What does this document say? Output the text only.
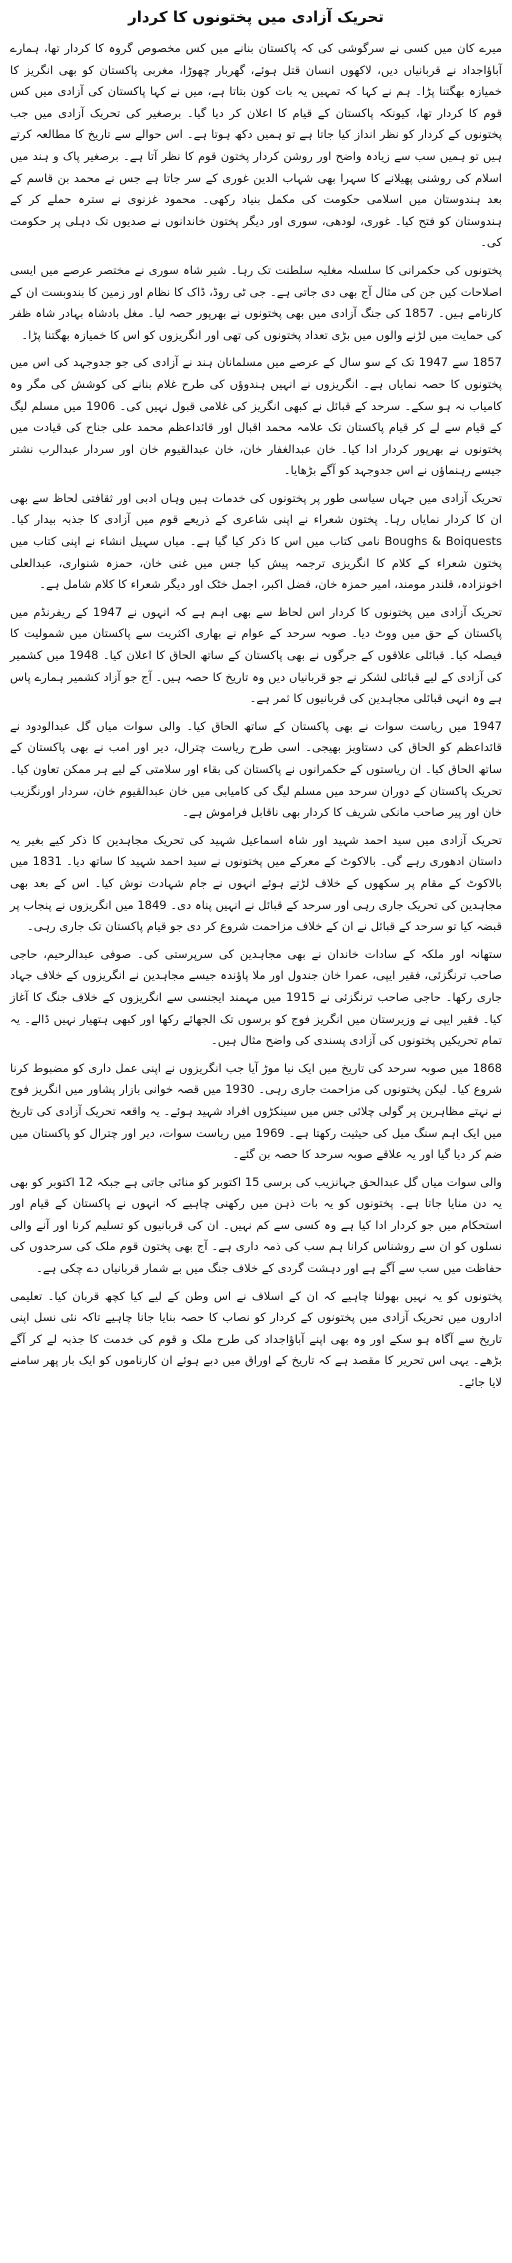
تحریک آزادی میں پختونوں کا کردار

میرے کان میں کسی نے سرگوشی کی کہ پاکستان بنانے میں کس مخصوص گروہ کا کردار تھا، ہمارے آباؤاجداد نے قربانیاں دیں، لاکھوں انسان قتل ہوئے، گھربار چھوڑا، مغربی پاکستان کو بھی انگریز کا خمیازہ بھگتنا پڑا۔ ہم نے کہا کہ تمہیں یہ بات کون بتاتا ہے، میں نے کہا پاکستان کی آزادی میں کس قوم کا کردار تھا، کیونکہ پاکستان کے قیام کا اعلان کر دیا گیا۔ برصغیر کی تحریک آزادی میں جب پختونوں کے کردار کو نظر انداز کیا جاتا ہے تو ہمیں دکھ ہوتا ہے۔ اس حوالے سے تاریخ کا مطالعہ کرتے ہیں تو ہمیں سب سے زیادہ واضح اور روشن کردار پختون قوم کا نظر آتا ہے۔ برصغیر پاک و ہند میں اسلام کی روشنی پھیلانے کا سہرا بھی شہاب الدین غوری کے سر جاتا ہے جس نے محمد بن قاسم کے بعد ہندوستان میں اسلامی حکومت کی مکمل بنیاد رکھی۔ محمود غزنوی نے سترہ حملے کر کے ہندوستان کو فتح کیا۔ غوری، لودھی، سوری اور دیگر پختون خاندانوں نے صدیوں تک دہلی پر حکومت کی۔

پختونوں کی حکمرانی کا سلسلہ مغلیہ سلطنت تک رہا۔ شیر شاہ سوری نے مختصر عرصے میں ایسی اصلاحات کیں جن کی مثال آج بھی دی جاتی ہے۔ جی ٹی روڈ، ڈاک کا نظام اور زمین کا بندوبست ان کے کارنامے ہیں۔ 1857 کی جنگ آزادی میں بھی پختونوں نے بھرپور حصہ لیا۔ مغل بادشاہ بہادر شاہ ظفر کی حمایت میں لڑنے والوں میں بڑی تعداد پختونوں کی تھی اور انگریزوں کو اس کا خمیازہ بھگتنا پڑا۔

1857 سے 1947 تک کے سو سال کے عرصے میں مسلمانان ہند نے آزادی کی جو جدوجہد کی اس میں پختونوں کا حصہ نمایاں ہے۔ انگریزوں نے انہیں ہندوؤں کی طرح غلام بنانے کی کوشش کی مگر وہ کامیاب نہ ہو سکے۔ سرحد کے قبائل نے کبھی انگریز کی غلامی قبول نہیں کی۔ 1906 میں مسلم لیگ کے قیام سے لے کر قیام پاکستان تک علامہ محمد اقبال اور قائداعظم محمد علی جناح کی قیادت میں پختونوں نے بھرپور کردار ادا کیا۔ خان عبدالغفار خان، خان عبدالقیوم خان اور سردار عبدالرب نشتر جیسے رہنماؤں نے اس جدوجہد کو آگے بڑھایا۔

تحریک آزادی میں جہاں سیاسی طور پر پختونوں کی خدمات ہیں وہاں ادبی اور ثقافتی لحاظ سے بھی ان کا کردار نمایاں رہا۔ پختون شعراء نے اپنی شاعری کے ذریعے قوم میں آزادی کا جذبہ بیدار کیا۔ Boughs & Boiquests نامی کتاب میں اس کا ذکر کیا گیا ہے۔ میاں سہیل انشاء نے اپنی کتاب میں پختون شعراء کے کلام کا انگریزی ترجمہ پیش کیا جس میں غنی خان، حمزہ شنواری، عبدالعلی اخونزادہ، قلندر مومند، امیر حمزہ خان، فضل اکبر، اجمل خٹک اور دیگر شعراء کا کلام شامل ہے۔

تحریک آزادی میں پختونوں کا کردار اس لحاظ سے بھی اہم ہے کہ انہوں نے 1947 کے ریفرنڈم میں پاکستان کے حق میں ووٹ دیا۔ صوبہ سرحد کے عوام نے بھاری اکثریت سے پاکستان میں شمولیت کا فیصلہ کیا۔ قبائلی علاقوں کے جرگوں نے بھی پاکستان کے ساتھ الحاق کا اعلان کیا۔ 1948 میں کشمیر کی آزادی کے لیے قبائلی لشکر نے جو قربانیاں دیں وہ تاریخ کا حصہ ہیں۔ آج جو آزاد کشمیر ہمارے پاس ہے وہ انہی قبائلی مجاہدین کی قربانیوں کا ثمر ہے۔

1947 میں ریاست سوات نے بھی پاکستان کے ساتھ الحاق کیا۔ والی سوات میاں گل عبدالودود نے قائداعظم کو الحاق کی دستاویز بھیجی۔ اسی طرح ریاست چترال، دیر اور امب نے بھی پاکستان کے ساتھ الحاق کیا۔ ان ریاستوں کے حکمرانوں نے پاکستان کی بقاء اور سلامتی کے لیے ہر ممکن تعاون کیا۔ تحریک پاکستان کے دوران سرحد میں مسلم لیگ کی کامیابی میں خان عبدالقیوم خان، سردار اورنگزیب خان اور پیر صاحب مانکی شریف کا کردار بھی ناقابل فراموش ہے۔

تحریک آزادی میں سید احمد شہید اور شاہ اسماعیل شہید کی تحریک مجاہدین کا ذکر کیے بغیر یہ داستان ادھوری رہے گی۔ بالاکوٹ کے معرکے میں پختونوں نے سید احمد شہید کا ساتھ دیا۔ 1831 میں بالاکوٹ کے مقام پر سکھوں کے خلاف لڑتے ہوئے انہوں نے جام شہادت نوش کیا۔ اس کے بعد بھی مجاہدین کی تحریک جاری رہی اور سرحد کے قبائل نے انہیں پناہ دی۔ 1849 میں انگریزوں نے پنجاب پر قبضہ کیا تو سرحد کے قبائل نے ان کے خلاف مزاحمت شروع کر دی جو قیام پاکستان تک جاری رہی۔

ستھانہ اور ملکہ کے سادات خاندان نے بھی مجاہدین کی سرپرستی کی۔ صوفی عبدالرحیم، حاجی صاحب ترنگزئی، فقیر ایپی، عمرا خان جندول اور ملا پاؤندہ جیسے مجاہدین نے انگریزوں کے خلاف جہاد جاری رکھا۔ حاجی صاحب ترنگزئی نے 1915 میں مہمند ایجنسی سے انگریزوں کے خلاف جنگ کا آغاز کیا۔ فقیر ایپی نے وزیرستان میں انگریز فوج کو برسوں تک الجھائے رکھا اور کبھی ہتھیار نہیں ڈالے۔ یہ تمام تحریکیں پختونوں کی آزادی پسندی کی واضح مثال ہیں۔

1868 میں صوبہ سرحد کی تاریخ میں ایک نیا موڑ آیا جب انگریزوں نے اپنی عمل داری کو مضبوط کرنا شروع کیا۔ لیکن پختونوں کی مزاحمت جاری رہی۔ 1930 میں قصہ خوانی بازار پشاور میں انگریز فوج نے نہتے مظاہرین پر گولی چلائی جس میں سینکڑوں افراد شہید ہوئے۔ یہ واقعہ تحریک آزادی کی تاریخ میں ایک اہم سنگ میل کی حیثیت رکھتا ہے۔ 1969 میں ریاست سوات، دیر اور چترال کو پاکستان میں ضم کر دیا گیا اور یہ علاقے صوبہ سرحد کا حصہ بن گئے۔

والی سوات میاں گل عبدالحق جہانزیب کی برسی 15 اکتوبر کو منائی جاتی ہے جبکہ 12 اکتوبر کو بھی یہ دن منایا جاتا ہے۔ پختونوں کو یہ بات ذہن میں رکھنی چاہیے کہ انہوں نے پاکستان کے قیام اور استحکام میں جو کردار ادا کیا ہے وہ کسی سے کم نہیں۔ ان کی قربانیوں کو تسلیم کرنا اور آنے والی نسلوں کو ان سے روشناس کرانا ہم سب کی ذمہ داری ہے۔ آج بھی پختون قوم ملک کی سرحدوں کی حفاظت میں سب سے آگے ہے اور دہشت گردی کے خلاف جنگ میں بے شمار قربانیاں دے چکی ہے۔

پختونوں کو یہ نہیں بھولنا چاہیے کہ ان کے اسلاف نے اس وطن کے لیے کیا کچھ قربان کیا۔ تعلیمی اداروں میں تحریک آزادی میں پختونوں کے کردار کو نصاب کا حصہ بنایا جانا چاہیے تاکہ نئی نسل اپنی تاریخ سے آگاہ ہو سکے اور وہ بھی اپنے آباؤاجداد کی طرح ملک و قوم کی خدمت کا جذبہ لے کر آگے بڑھے۔ یہی اس تحریر کا مقصد ہے کہ تاریخ کے اوراق میں دبے ہوئے ان کارناموں کو ایک بار پھر سامنے لایا جائے۔
